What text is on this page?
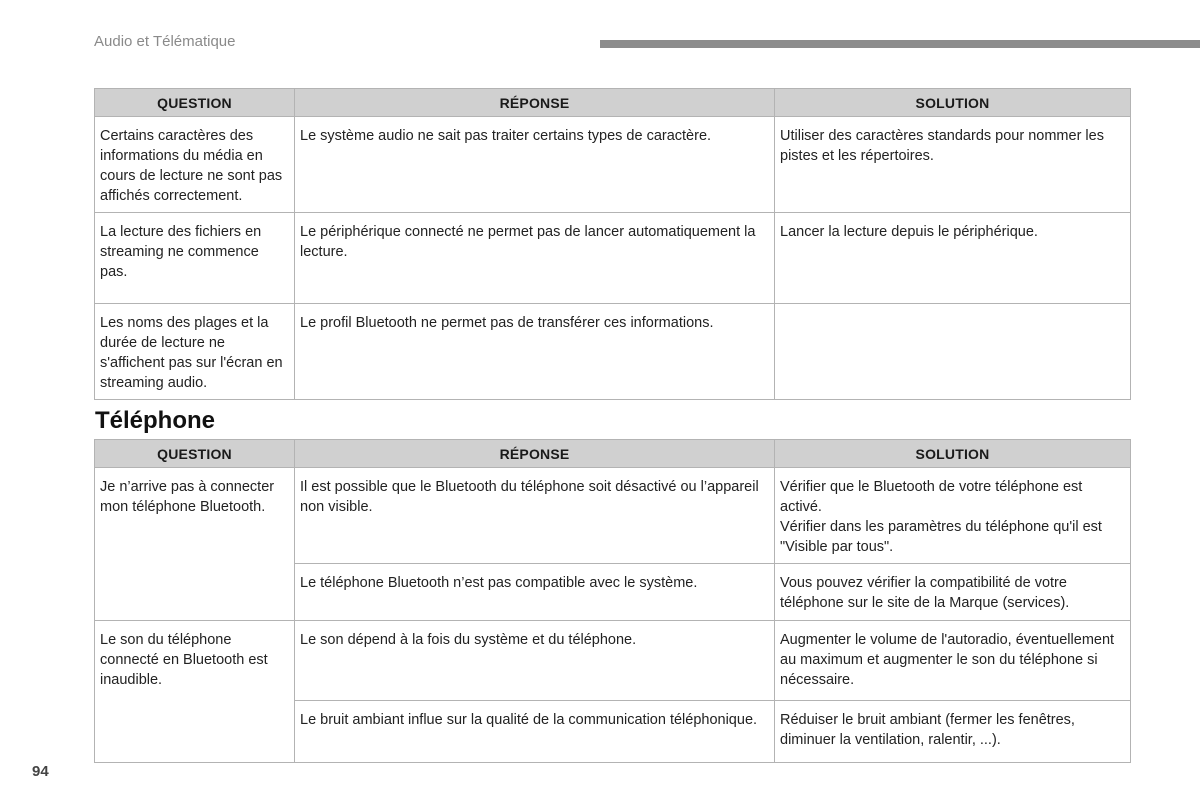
Audio et Télématique
QUESTION	RÉPONSE	SOLUTION
Certains caractères des informations du média en cours de lecture ne sont pas affichés correctement.	Le système audio ne sait pas traiter certains types de caractère.	Utiliser des caractères standards pour nommer les pistes et les répertoires.
La lecture des fichiers en streaming ne commence pas.	Le périphérique connecté ne permet pas de lancer automatiquement la lecture.	Lancer la lecture depuis le périphérique.
Les noms des plages et la durée de lecture ne s'affichent pas sur l'écran en streaming audio.	Le profil Bluetooth ne permet pas de transférer ces informations.	
Téléphone
QUESTION	RÉPONSE	SOLUTION
Je n’arrive pas à connecter mon téléphone Bluetooth.	Il est possible que le Bluetooth du téléphone soit désactivé ou l’appareil non visible.	Vérifier que le Bluetooth de votre téléphone est activé.
Vérifier dans les paramètres du téléphone qu'il est "Visible par tous".

	Le téléphone Bluetooth n’est pas compatible avec le système.	Vous pouvez vérifier la compatibilité de votre téléphone sur le site de la Marque (services).
Le son du téléphone connecté en Bluetooth est inaudible.	Le son dépend à la fois du système et du téléphone.	Augmenter le volume de l'autoradio, éventuellement au maximum et augmenter le son du téléphone si nécessaire.
	Le bruit ambiant influe sur la qualité de la communication téléphonique.	Réduiser le bruit ambiant (fermer les fenêtres, diminuer la ventilation, ralentir, ...).
94
